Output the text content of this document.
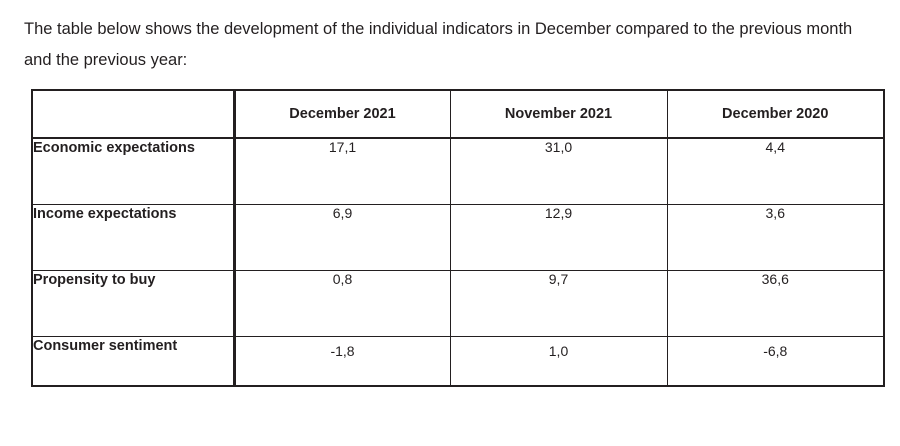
The table below shows the development of the individual indicators in December compared to the previous month and the previous year:

	December 2021	November 2021	December 2020
Economic expectations	17,1	31,0	4,4
Income expectations	6,9	12,9	3,6
Propensity to buy	0,8	9,7	36,6
Consumer sentiment	-1,8	1,0	-6,8
